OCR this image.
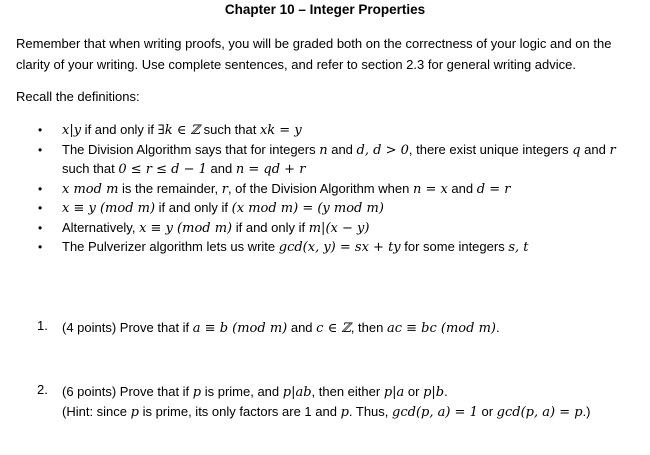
Chapter 10 – Integer Properties
Remember that when writing proofs, you will be graded both on the correctness of your logic and on the clarity of your writing. Use complete sentences, and refer to section 2.3 for general writing advice.
Recall the definitions:
• x|y if and only if ∃k ∈ ℤ such that xk = y
• The Division Algorithm says that for integers n and d, d > 0, there exist unique integers q and r such that 0 ≤ r ≤ d − 1 and n = qd + r
• x mod m is the remainder, r, of the Division Algorithm when n = x and d = r
• x ≡ y (mod m) if and only if (x mod m) = (y mod m)
• Alternatively, x ≡ y (mod m) if and only if m|(x − y)
• The Pulverizer algorithm lets us write gcd(x, y) = sx + ty for some integers s, t
1. (4 points) Prove that if a ≡ b (mod m) and c ∈ ℤ, then ac ≡ bc (mod m).
2. (6 points) Prove that if p is prime, and p|ab, then either p|a or p|b.
(Hint: since p is prime, its only factors are 1 and p. Thus, gcd(p, a) = 1 or gcd(p, a) = p.)
